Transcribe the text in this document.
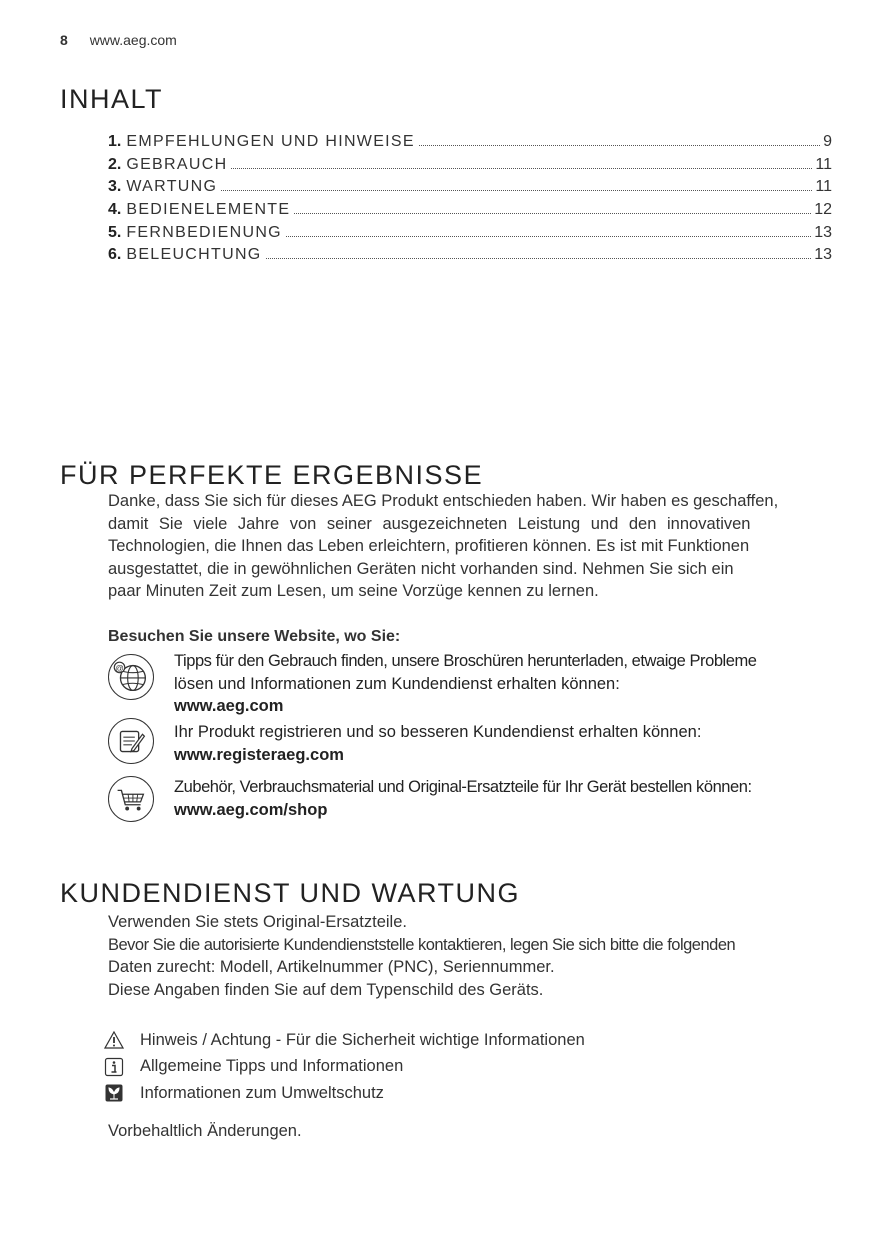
8 www.aeg.com
INHALT
1. EMPFEHLUNGEN UND HINWEISE	9
2. GEBRAUCH	11
3. WARTUNG	11
4. BEDIENELEMENTE	12
5. FERNBEDIENUNG	13
6. BELEUCHTUNG	13
FÜR PERFEKTE ERGEBNISSE

Danke, dass Sie sich für dieses AEG Produkt entschieden haben. Wir haben es geschaffen,
damit Sie viele Jahre von seiner ausgezeichneten Leistung und den innovativen
Technologien, die Ihnen das Leben erleichtern, profitieren können. Es ist mit Funktionen
ausgestattet, die in gewöhnlichen Geräten nicht vorhanden sind. Nehmen Sie sich ein
paar Minuten Zeit zum Lesen, um seine Vorzüge kennen zu lernen.

Besuchen Sie unsere Website, wo Sie:

@	Tipps für den Gebrauch finden, unsere Broschüren herunterladen, etwaige Probleme
lösen und Informationen zum Kundendienst erhalten können:
www.aeg.com
Ihr Produkt registrieren und so besseren Kundendienst erhalten können:
www.registeraeg.com
Zubehör, Verbrauchsmaterial und Original-Ersatzteile für Ihr Gerät bestellen können:
www.aeg.com/shop
KUNDENDIENST UND WARTUNG

Verwenden Sie stets Original-Ersatzteile.
Bevor Sie die autorisierte Kundendienststelle kontaktieren, legen Sie sich bitte die folgenden
Daten zurecht: Modell, Artikelnummer (PNC), Seriennummer.
Diese Angaben finden Sie auf dem Typenschild des Geräts.

Hinweis / Achtung - Für die Sicherheit wichtige Informationen
Allgemeine Tipps und Informationen
Informationen zum Umweltschutz

Vorbehaltlich Änderungen.
